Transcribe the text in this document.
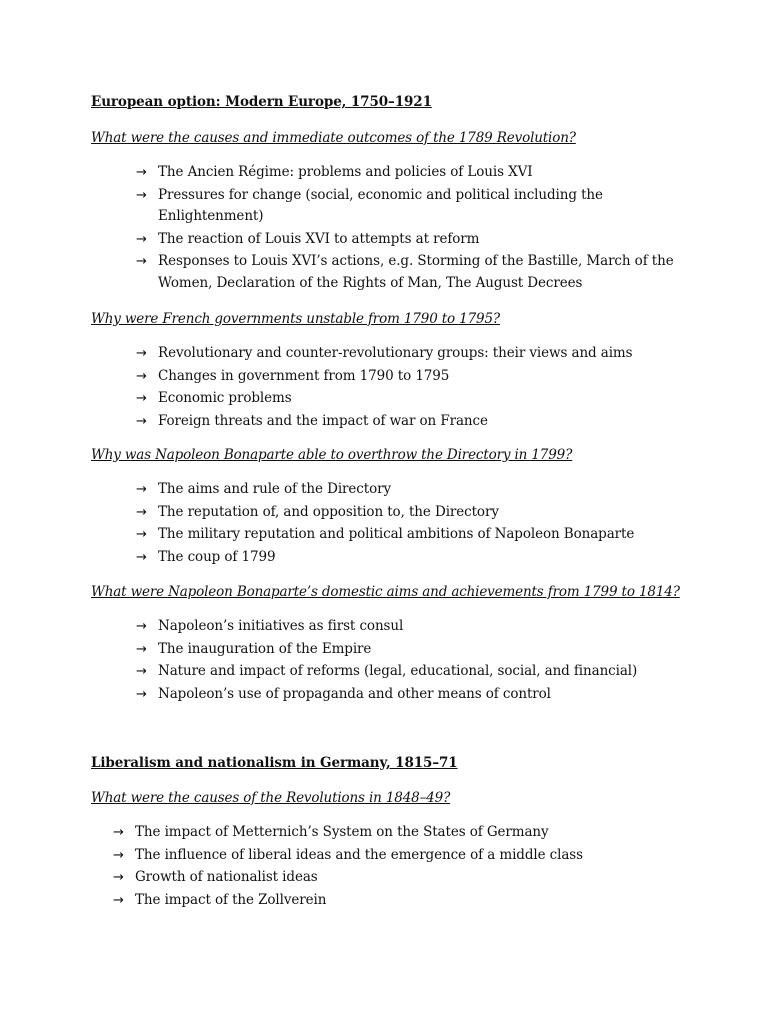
European option: Modern Europe, 1750–1921
What were the causes and immediate outcomes of the 1789 Revolution?
→ The Ancien Régime: problems and policies of Louis XVI
→ Pressures for change (social, economic and political including the Enlightenment)
→ The reaction of Louis XVI to attempts at reform
→ Responses to Louis XVI’s actions, e.g. Storming of the Bastille, March of the Women, Declaration of the Rights of Man, The August Decrees
Why were French governments unstable from 1790 to 1795?
→ Revolutionary and counter-revolutionary groups: their views and aims
→ Changes in government from 1790 to 1795
→ Economic problems
→ Foreign threats and the impact of war on France
Why was Napoleon Bonaparte able to overthrow the Directory in 1799?
→ The aims and rule of the Directory
→ The reputation of, and opposition to, the Directory
→ The military reputation and political ambitions of Napoleon Bonaparte
→ The coup of 1799
What were Napoleon Bonaparte’s domestic aims and achievements from 1799 to 1814?
→ Napoleon’s initiatives as first consul
→ The inauguration of the Empire
→ Nature and impact of reforms (legal, educational, social, and financial)
→ Napoleon’s use of propaganda and other means of control
Liberalism and nationalism in Germany, 1815–71
What were the causes of the Revolutions in 1848–49?
→ The impact of Metternich’s System on the States of Germany
→ The influence of liberal ideas and the emergence of a middle class
→ Growth of nationalist ideas
→ The impact of the Zollverein
